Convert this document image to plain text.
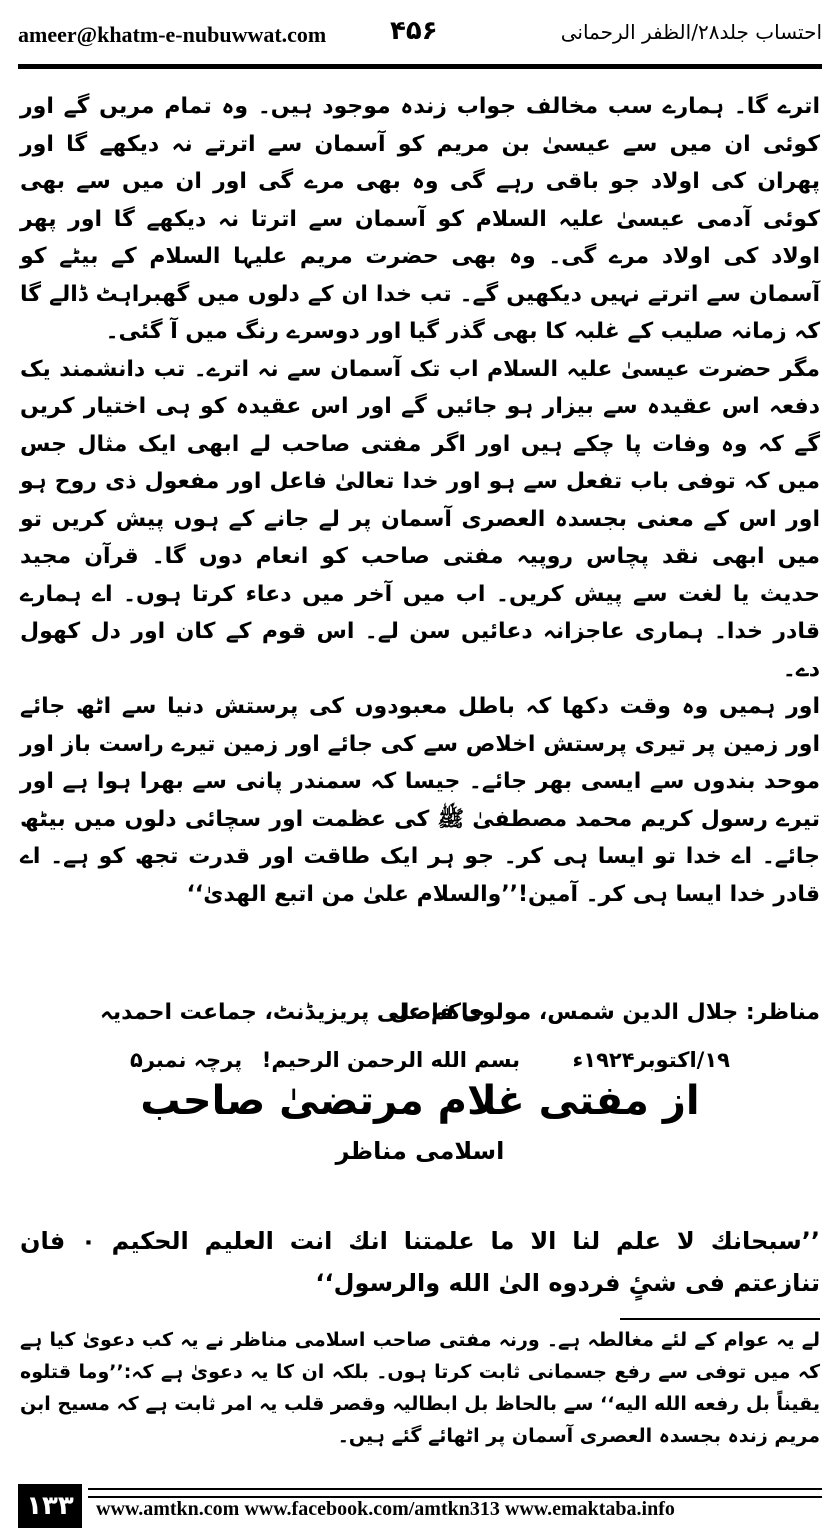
ameer@khatm-e-nubuwwat.com ۴۵۶	احتساب جلد۲۸/الظفر الرحمانی

اترے گا۔ ہمارے سب مخالف جواب زندہ موجود ہیں۔ وہ تمام مریں گے اور کوئی ان میں سے عیسیٰ بن مریم کو آسمان سے اترتے نہ دیکھے گا اور پھران کی اولاد جو باقی رہے گی وہ بھی مرے گی اور ان میں سے بھی کوئی آدمی عیسیٰ علیہ السلام کو آسمان سے اترتا نہ دیکھے گا اور پھر اولاد کی اولاد مرے گی۔ وہ بھی حضرت مریم علیہا السلام کے بیٹے کو آسمان سے اترتے نہیں دیکھیں گے۔ تب خدا ان کے دلوں میں گھبراہٹ ڈالے گا کہ زمانہ صلیب کے غلبہ کا بھی گذر گیا اور دوسرے رنگ میں آ گئی۔

مگر حضرت عیسیٰ علیہ السلام اب تک آسمان سے نہ اترے۔ تب دانشمند یک دفعہ اس عقیدہ سے بیزار ہو جائیں گے اور اس عقیدہ کو ہی اختیار کریں گے کہ وہ وفات پا چکے ہیں اور اگر مفتی صاحب لے ابھی ایک مثال جس میں کہ توفی باب تفعل سے ہو اور خدا تعالیٰ فاعل اور مفعول ذی روح ہو اور اس کے معنی بجسدہ العصری آسمان پر لے جانے کے ہوں پیش کریں تو میں ابھی نقد پچاس روپیہ مفتی صاحب کو انعام دوں گا۔ قرآن مجید حدیث یا لغت سے پیش کریں۔ اب میں آخر میں دعاء کرتا ہوں۔ اے ہمارے قادر خدا۔ ہماری عاجزانہ دعائیں سن لے۔ اس قوم کے کان اور دل کھول دے۔

اور ہمیں وہ وقت دکھا کہ باطل معبودوں کی پرستش دنیا سے اٹھ جائے اور زمین پر تیری پرستش اخلاص سے کی جائے اور زمین تیرے راست باز اور موحد بندوں سے ایسی بھر جائے۔ جیسا کہ سمندر پانی سے بھرا ہوا ہے اور تیرے رسول کریم محمد مصطفیٰ ﷺ کی عظمت اور سچائی دلوں میں بیٹھ جائے۔ اے خدا تو ایسا ہی کر۔ جو ہر ایک طاقت اور قدرت تجھ کو ہے۔ اے قادر خدا ایسا ہی کر۔ آمین!’’والسلام علیٰ من اتبع الهدیٰ‘‘

مناظر: جلال الدین شمس، مولوی فاضل
حاکم علی پریزیڈنٹ، جماعت احمدیہ
پرچہ نمبر۵ بسم الله الرحمن الرحيم!	۱۹/اکتوبر۱۹۲۴ء
از مفتی غلام مرتضیٰ صاحب
اسلامی مناظر
’’سبحانك لا علم لنا الا ما علمتنا انك انت العليم الحكيم ۰ فان تنازعتم فی شیٍٔ فردوه الیٰ الله والرسول‘‘
لے یہ عوام کے لئے مغالطہ ہے۔ ورنہ مفتی صاحب اسلامی مناظر نے یہ کب دعویٰ کیا ہے کہ میں توفی سے رفع جسمانی ثابت کرتا ہوں۔ بلکہ ان کا یہ دعویٰ ہے کہ:’’وما قتلوه يقيناً بل رفعه الله اليه‘‘ سے بالحاظ بل ابطالیہ وقصر قلب یہ امر ثابت ہے کہ مسیح ابن مریم زندہ بجسدہ العصری آسمان پر اٹھائے گئے ہیں۔
۱۳۳	www.amtkn.com www.facebook.com/amtkn313 www.emaktaba.info
